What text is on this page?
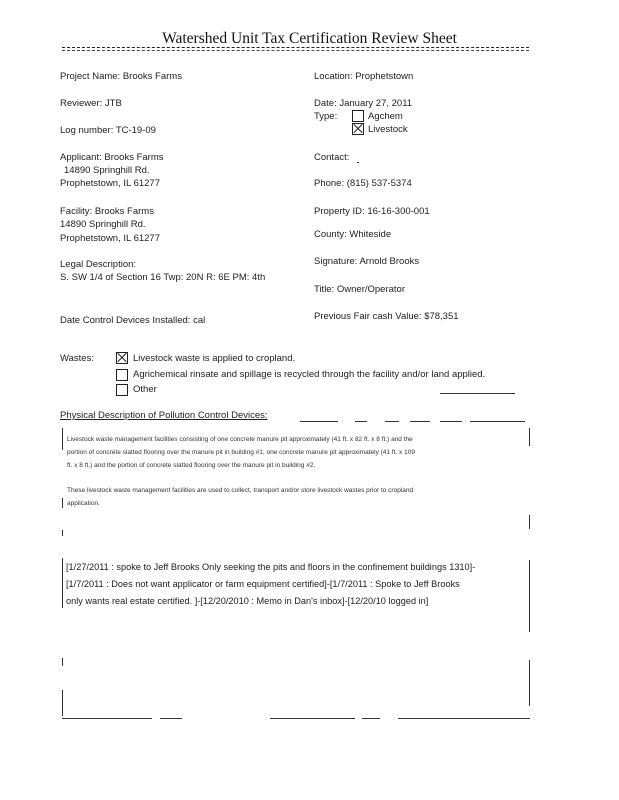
Watershed Unit Tax Certification Review Sheet
Project Name: Brooks Farms	Location: Prophetstown
Reviewer: JTB	Date: January 27, 2011
Type:	Agchem
Livestock
Log number: TC-19-09
Applicant: Brooks Farms
14890 Springhill Rd.
Prophetstown, IL 61277
Contact:
Phone: (815) 537-5374
Facility: Brooks Farms
14890 Springhill Rd.
Prophetstown, IL 61277
Property ID: 16-16-300-001
County: Whiteside
Legal Description:
S. SW 1/4 of Section 16 Twp: 20N R: 6E PM: 4th
Signature: Arnold Brooks
Title: Owner/Operator
Date Control Devices Installed: cal	Previous Fair cash Value: $78,351
Wastes:	Livestock waste is applied to cropland.
Agrichemical rinsate and spillage is recycled through the facility and/or land applied.
Other
Physical Description of Pollution Control Devices:
Livestock waste management facilities consisting of one concrete manure pit approximately (41 ft. x 82 ft. x 8 ft.) and the
portion of concrete slatted flooring over the manure pit in building #1; one concrete manure pit approximately (41 ft. x 109
ft. x 8 ft.) and the portion of concrete slatted flooring over the manure pit in building #2.
These livestock waste management facilities are used to collect, transport and/or store livestock wastes prior to cropland
application.
[1/27/2011 : spoke to Jeff Brooks Only seeking the pits and floors in the confinement buildings 1310]-
[1/7/2011 : Does not want applicator or farm equipment certified]-[1/7/2011 : Spoke to Jeff Brooks
only wants real estate certified. ]-[12/20/2010 : Memo in Dan's inbox]-[12/20/10 logged in]
